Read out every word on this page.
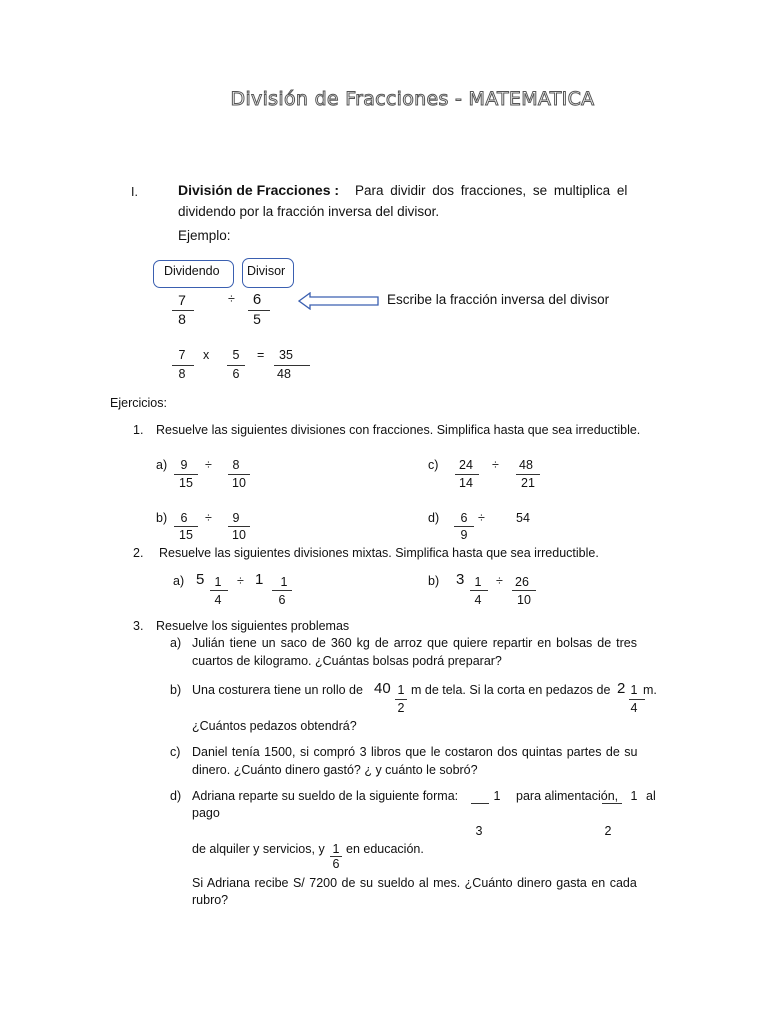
División de Fracciones - MATEMATICA
I.	División de Fracciones : Para dividir dos fracciones, se multiplica el
dividendo por la fracción inversa del divisor.
Ejemplo:
Dividendo Divisor
7
8
÷	6
5
Escribe la fracción inversa del divisor
7
8
x	5
6
=	35
48
Ejercicios:
1. Resuelve las siguientes divisiones con fracciones. Simplifica hasta que sea irreductible.
a)	9
15
÷	8
10
c)	24
14
÷	48
21
b)	6
15
÷	9
10
d)	6
9
÷	54
2. Resuelve las siguientes divisiones mixtas. Simplifica hasta que sea irreductible.
a) 5 1
4
÷ 1	1
6
b) 3 1
4
÷ 26
10
3. Resuelve los siguientes problemas
a) Julián tiene un saco de 360 kg de arroz que quiere repartir en bolsas de tres
cuartos de kilogramo. ¿Cuántas bolsas podrá preparar?
b) Una costurera tiene un rollo de 40 1
2
m de tela. Si la corta en pedazos de 2 1
4
m.
¿Cuántos pedazos obtendrá?
c) Daniel tenía 1500, si compró 3 libros que le costaron dos quintas partes de su
dinero. ¿Cuánto dinero gastó? ¿ y cuánto le sobró?
d) Adriana reparte su sueldo de la siguiente forma:	1	para alimentación, 1 al
pago
3	2
de alquiler y servicios, y 1 en educación.
6
Si Adriana recibe S/ 7200 de su sueldo al mes. ¿Cuánto dinero gasta en cada
rubro?
